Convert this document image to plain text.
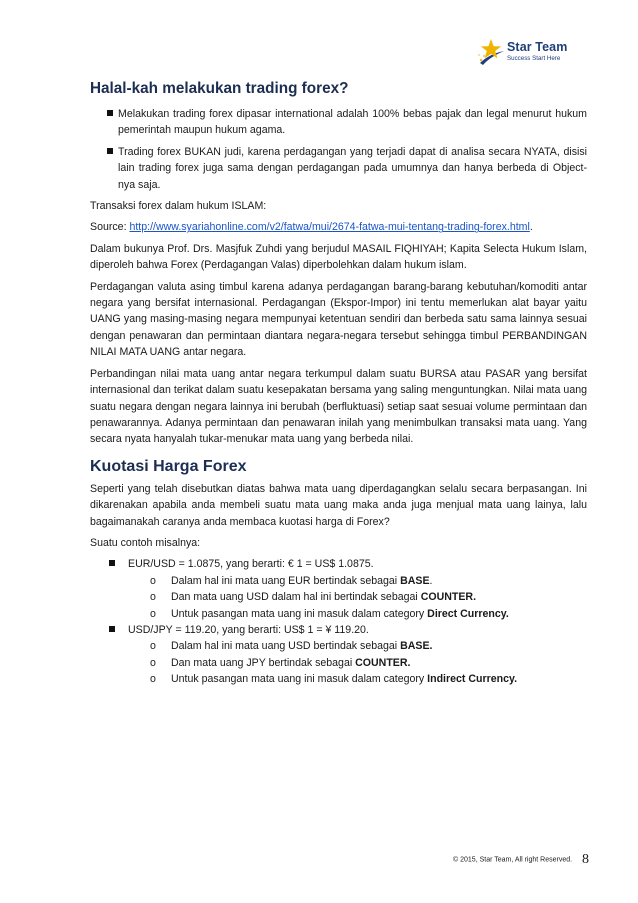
Star Team
Success Start Here
Halal-kah melakukan trading forex?
Melakukan trading forex dipasar international adalah 100% bebas pajak dan legal menurut hukum pemerintah maupun hukum agama.
Trading forex BUKAN judi, karena perdagangan yang terjadi dapat di analisa secara NYATA, disisi lain trading forex juga sama dengan perdagangan pada umumnya dan hanya berbeda di Object-nya saja.

Transaksi forex dalam hukum ISLAM:

Source: http://www.syariahonline.com/v2/fatwa/mui/2674-fatwa-mui-tentang-trading-forex.html.

Dalam bukunya Prof. Drs. Masjfuk Zuhdi yang berjudul MASAIL FIQHIYAH; Kapita Selecta Hukum Islam, diperoleh bahwa Forex (Perdagangan Valas) diperbolehkan dalam hukum islam.

Perdagangan valuta asing timbul karena adanya perdagangan barang-barang kebutuhan/komoditi antar negara yang bersifat internasional. Perdagangan (Ekspor-Impor) ini tentu memerlukan alat bayar yaitu UANG yang masing-masing negara mempunyai ketentuan sendiri dan berbeda satu sama lainnya sesuai dengan penawaran dan permintaan diantara negara-negara tersebut sehingga timbul PERBANDINGAN NILAI MATA UANG antar negara.

Perbandingan nilai mata uang antar negara terkumpul dalam suatu BURSA atau PASAR yang bersifat internasional dan terikat dalam suatu kesepakatan bersama yang saling menguntungkan. Nilai mata uang suatu negara dengan negara lainnya ini berubah (berfluktuasi) setiap saat sesuai volume permintaan dan penawarannya. Adanya permintaan dan penawaran inilah yang menimbulkan transaksi mata uang. Yang secara nyata hanyalah tukar-menukar mata uang yang berbeda nilai.

Kuotasi Harga Forex

Seperti yang telah disebutkan diatas bahwa mata uang diperdagangkan selalu secara berpasangan. Ini dikarenakan apabila anda membeli suatu mata uang maka anda juga menjual mata uang lainya, lalu bagaimanakah caranya anda membaca kuotasi harga di Forex?

Suatu contoh misalnya:

EUR/USD = 1.0875, yang berarti: € 1 = US$ 1.0875.
o Dalam hal ini mata uang EUR bertindak sebagai BASE.
o Dan mata uang USD dalam hal ini bertindak sebagai COUNTER.
o Untuk pasangan mata uang ini masuk dalam category Direct Currency.
USD/JPY = 119.20, yang berarti: US$ 1 = ¥ 119.20.
o Dalam hal ini mata uang USD bertindak sebagai BASE.
o Dan mata uang JPY bertindak sebagai COUNTER.
o Untuk pasangan mata uang ini masuk dalam category Indirect Currency.
© 2015, Star Team, All right Reserved. 8
